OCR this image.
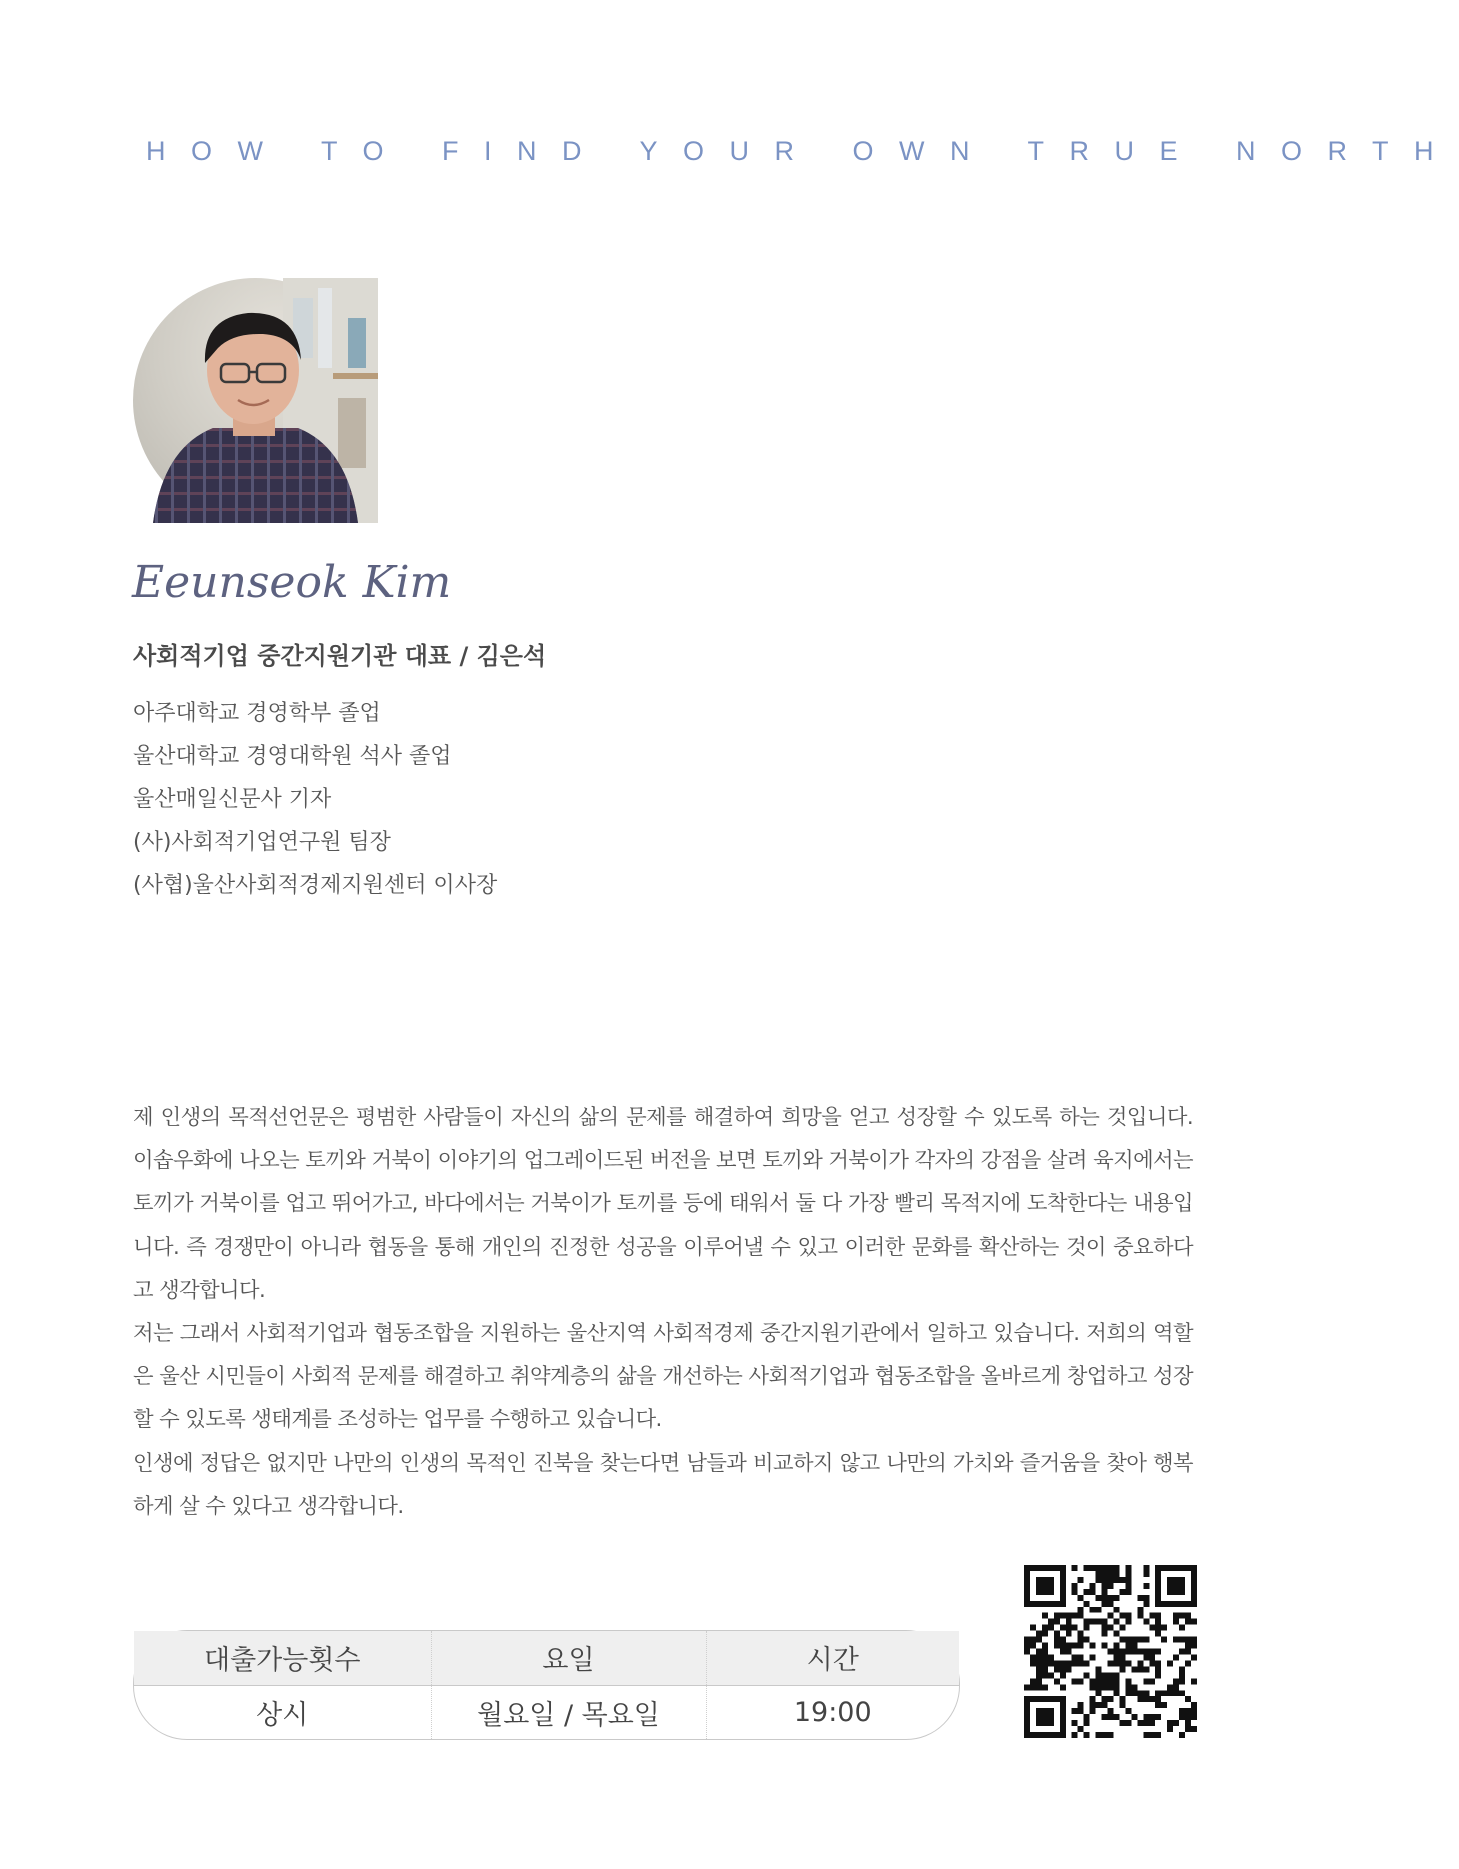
HOW TO FIND YOUR OWN TRUE NORTH
Eeunseok Kim
사회적기업 중간지원기관 대표 / 김은석
아주대학교 경영학부 졸업
울산대학교 경영대학원 석사 졸업
울산매일신문사 기자
(사)사회적기업연구원 팀장
(사협)울산사회적경제지원센터 이사장

제 인생의 목적선언문은 평범한 사람들이 자신의 삶의 문제를 해결하여 희망을 얻고 성장할 수 있도록 하는 것입니다. 이솝우화에 나오는 토끼와 거북이 이야기의 업그레이드된 버전을 보면 토끼와 거북이가 각자의 강점을 살려 육지에서는 토끼가 거북이를 업고 뛰어가고, 바다에서는 거북이가 토끼를 등에 태워서 둘 다 가장 빨리 목적지에 도착한다는 내용입니다. 즉 경쟁만이 아니라 협동을 통해 개인의 진정한 성공을 이루어낼 수 있고 이러한 문화를 확산하는 것이 중요하다고 생각합니다.

저는 그래서 사회적기업과 협동조합을 지원하는 울산지역 사회적경제 중간지원기관에서 일하고 있습니다. 저희의 역할은 울산 시민들이 사회적 문제를 해결하고 취약계층의 삶을 개선하는 사회적기업과 협동조합을 올바르게 창업하고 성장할 수 있도록 생태계를 조성하는 업무를 수행하고 있습니다.

인생에 정답은 없지만 나만의 인생의 목적인 진북을 찾는다면 남들과 비교하지 않고 나만의 가치와 즐거움을 찾아 행복하게 살 수 있다고 생각합니다.

대출가능횟수	요일	시간
상시	월요일 / 목요일	19:00
